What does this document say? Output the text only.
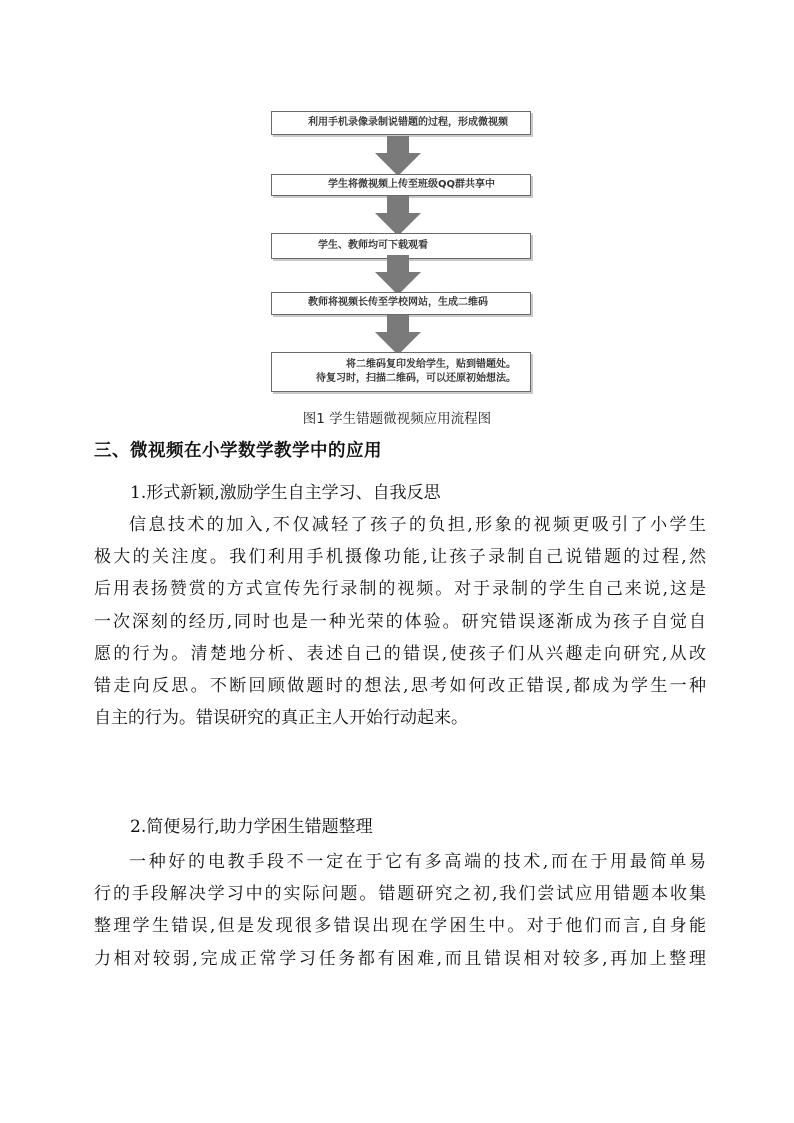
利用手机录像录制说错题的过程，形成微视频
学生将微视频上传至班级QQ群共享中
学生、教师均可下载观看
教师将视频长传至学校网站，生成二维码
将二维码复印发给学生，贴到错题处。
待复习时，扫描二维码，可以还原初始想法。
图1 学生错题微视频应用流程图
三、微视频在小学数学教学中的应用

1.形式新颖,激励学生自主学习、自我反思

信息技术的加入,不仅减轻了孩子的负担,形象的视频更吸引了小学生
极大的关注度。我们利用手机摄像功能,让孩子录制自己说错题的过程,然
后用表扬赞赏的方式宣传先行录制的视频。对于录制的学生自己来说,这是
一次深刻的经历,同时也是一种光荣的体验。研究错误逐渐成为孩子自觉自
愿的行为。清楚地分析、表述自己的错误,使孩子们从兴趣走向研究,从改
错走向反思。不断回顾做题时的想法,思考如何改正错误,都成为学生一种
自主的行为。错误研究的真正主人开始行动起来。

2.简便易行,助力学困生错题整理

一种好的电教手段不一定在于它有多高端的技术,而在于用最简单易
行的手段解决学习中的实际问题。错题研究之初,我们尝试应用错题本收集
整理学生错误,但是发现很多错误出现在学困生中。对于他们而言,自身能
力相对较弱,完成正常学习任务都有困难,而且错误相对较多,再加上整理
